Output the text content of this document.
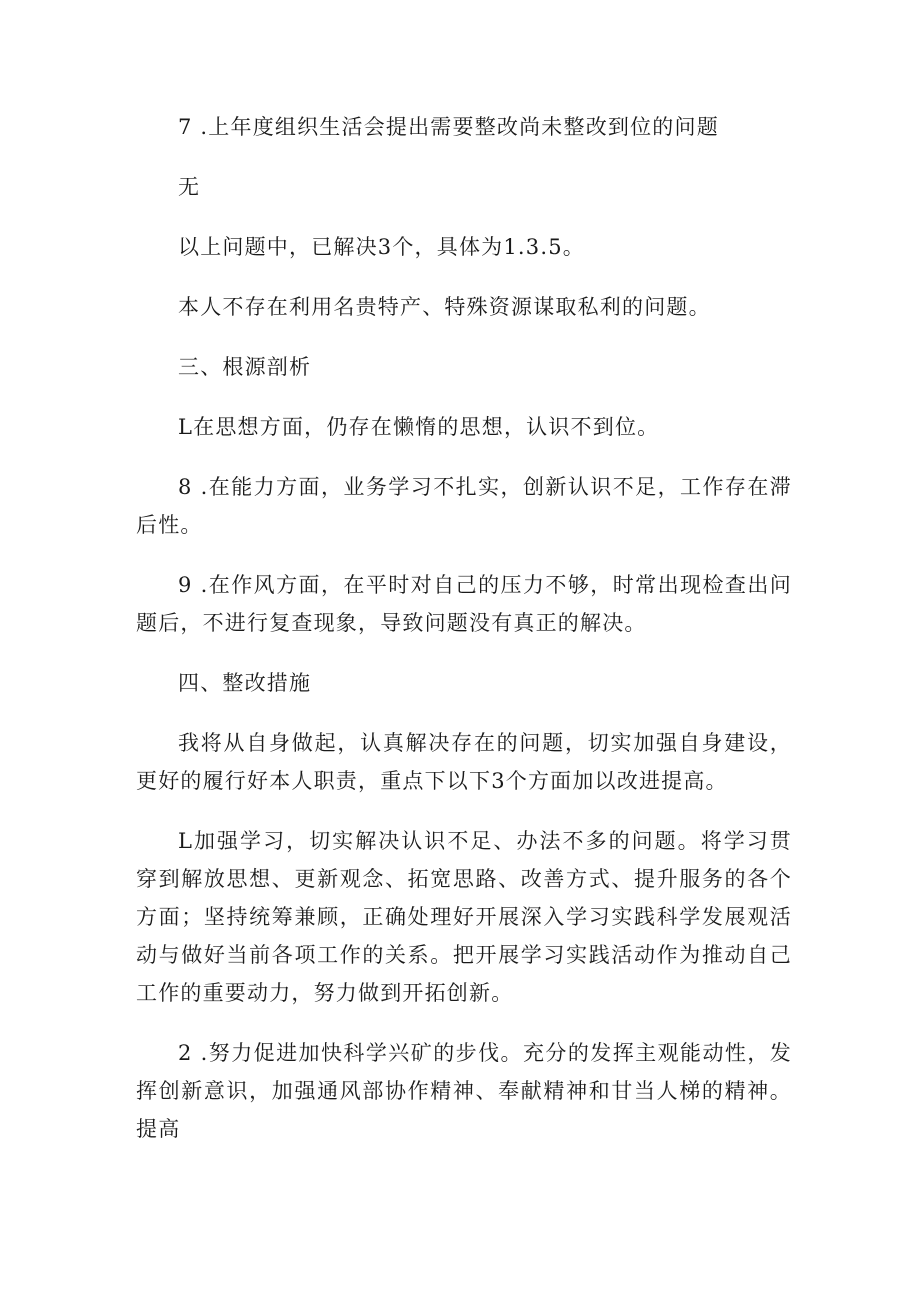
7 .上年度组织生活会提出需要整改尚未整改到位的问题

无

以上问题中，已解决3个，具体为1.3.5。

本人不存在利用名贵特产、特殊资源谋取私利的问题。

三、根源剖析

L在思想方面，仍存在懒惰的思想，认识不到位。

8 .在能力方面，业务学习不扎实，创新认识不足，工作存在滞后性。

9 .在作风方面，在平时对自己的压力不够，时常出现检查出问题后，不进行复查现象，导致问题没有真正的解决。

四、整改措施

我将从自身做起，认真解决存在的问题，切实加强自身建设，更好的履行好本人职责，重点下以下3个方面加以改进提高。

L加强学习，切实解决认识不足、办法不多的问题。将学习贯穿到解放思想、更新观念、拓宽思路、改善方式、提升服务的各个方面；坚持统筹兼顾，正确处理好开展深入学习实践科学发展观活动与做好当前各项工作的关系。把开展学习实践活动作为推动自己工作的重要动力，努力做到开拓创新。

2 .努力促进加快科学兴矿的步伐。充分的发挥主观能动性，发挥创新意识，加强通风部协作精神、奉献精神和甘当人梯的精神。提高
